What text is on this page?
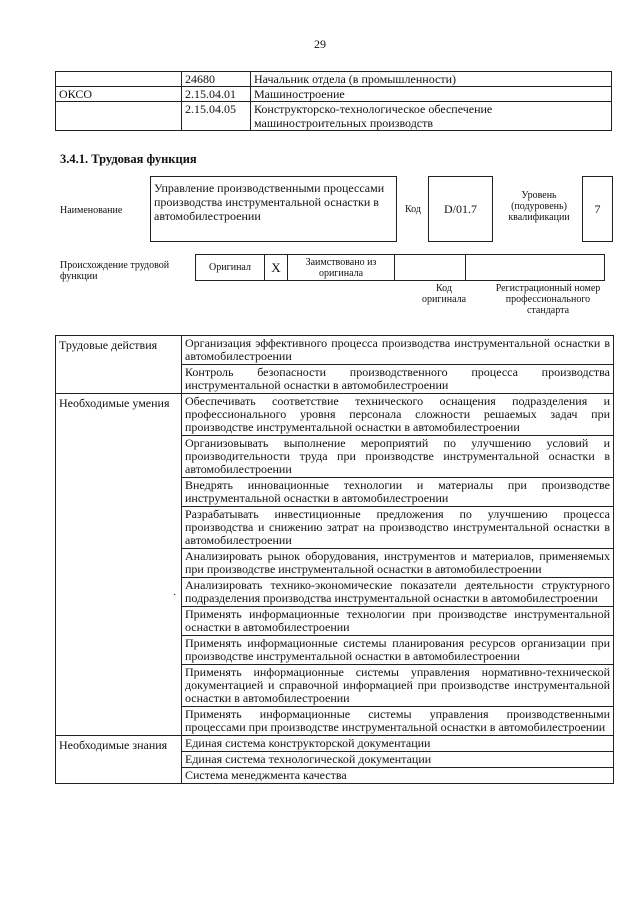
29
	24680	Начальник отдела (в промышленности)
ОКСО	2.15.04.01	Машиностроение
	2.15.04.05	Конструкторско-технологическое обеспечение машиностроительных производств
3.4.1. Трудовая функция
Наименование
Управление производственными процессами производства инструментальной оснастки в автомобилестроении	Код	D/01.7
Уровень (подуровень) квалификации
7
Происхождение трудовой функции
Оригинал	X	Заимствовано из оригинала
Код оригинала
Регистрационный номер профессионального стандарта
Трудовые действия	Организация эффективного процесса производства инструментальной оснастки в автомобилестроении
	Контроль безопасности производственного процесса производства инструментальной оснастки в автомобилестроении
Необходимые умения	Обеспечивать соответствие технического оснащения подразделения и профессионального уровня персонала сложности решаемых задач при производстве инструментальной оснастки в автомобилестроении
	Организовывать выполнение мероприятий по улучшению условий и производительности труда при производстве инструментальной оснастки в автомобилестроении
	Внедрять инновационные технологии и материалы при производстве инструментальной оснастки в автомобилестроении
	Разрабатывать инвестиционные предложения по улучшению процесса производства и снижению затрат на производство инструментальной оснастки в автомобилестроении
	Анализировать рынок оборудования, инструментов и материалов, применяемых при производстве инструментальной оснастки в автомобилестроении
	Анализировать технико-экономические показатели деятельности структурного подразделения производства инструментальной оснастки в автомобилестроении
	Применять информационные технологии при производстве инструментальной оснастки в автомобилестроении
	Применять информационные системы планирования ресурсов организации при производстве инструментальной оснастки в автомобилестроении
	Применять информационные системы управления нормативно-технической документацией и справочной информацией при производстве инструментальной оснастки в автомобилестроении
	Применять информационные системы управления производственными процессами при производстве инструментальной оснастки в автомобилестроении
Необходимые знания	Единая система конструкторской документации
	Единая система технологической документации
	Система менеджмента качества
·
